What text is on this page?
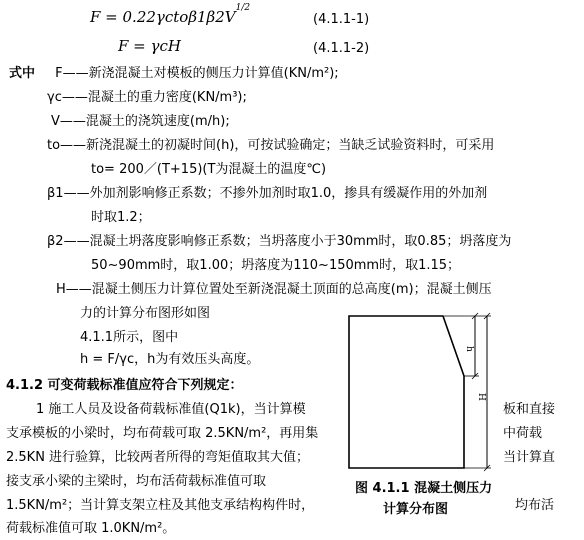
$F = 0.22\gamma cto\beta 1\beta 2V^{1/2}$
(4.1.1-1)
F = γcH	(4.1.1-2)
式中 F——新浇混凝土对模板的侧压力计算值(KN/m²);
γc——混凝土的重力密度(KN/m³);
V——混凝土的浇筑速度(m/h);
to——新浇混凝土的初凝时间(h)，可按试验确定；当缺乏试验资料时，可采用
to= 200／(T+15)(T为混凝土的温度℃)
β1——外加剂影响修正系数；不掺外加剂时取1.0，掺具有缓凝作用的外加剂
时取1.2；
β2——混凝土坍落度影响修正系数；当坍落度小于30mm时，取0.85；坍落度为
50~90mm时，取1.00；坍落度为110~150mm时，取1.15；
H——混凝土侧压力计算位置处至新浇混凝土顶面的总高度(m)；混凝土侧压
力的计算分布图形如图
4.1.1所示，图中
h = F/γc，h为有效压头高度。
4.1.2 可变荷载标准值应符合下列规定：
1 施工人员及设备荷载标准值(Q1k)，当计算模
支承模板的小梁时，均布荷载可取 2.5KN/m²，再用集
2.5KN 进行验算，比较两者所得的弯矩值取其大值；
接支承小梁的主梁时，均布活荷载标准值可取
1.5KN/m²；当计算支架立柱及其他支承结构构件时，
荷载标准值可取 1.0KN/m²。
板和直接
中荷载
当计算直
均布活
h
H
图 4.1.1 混凝土侧压力
计算分布图
